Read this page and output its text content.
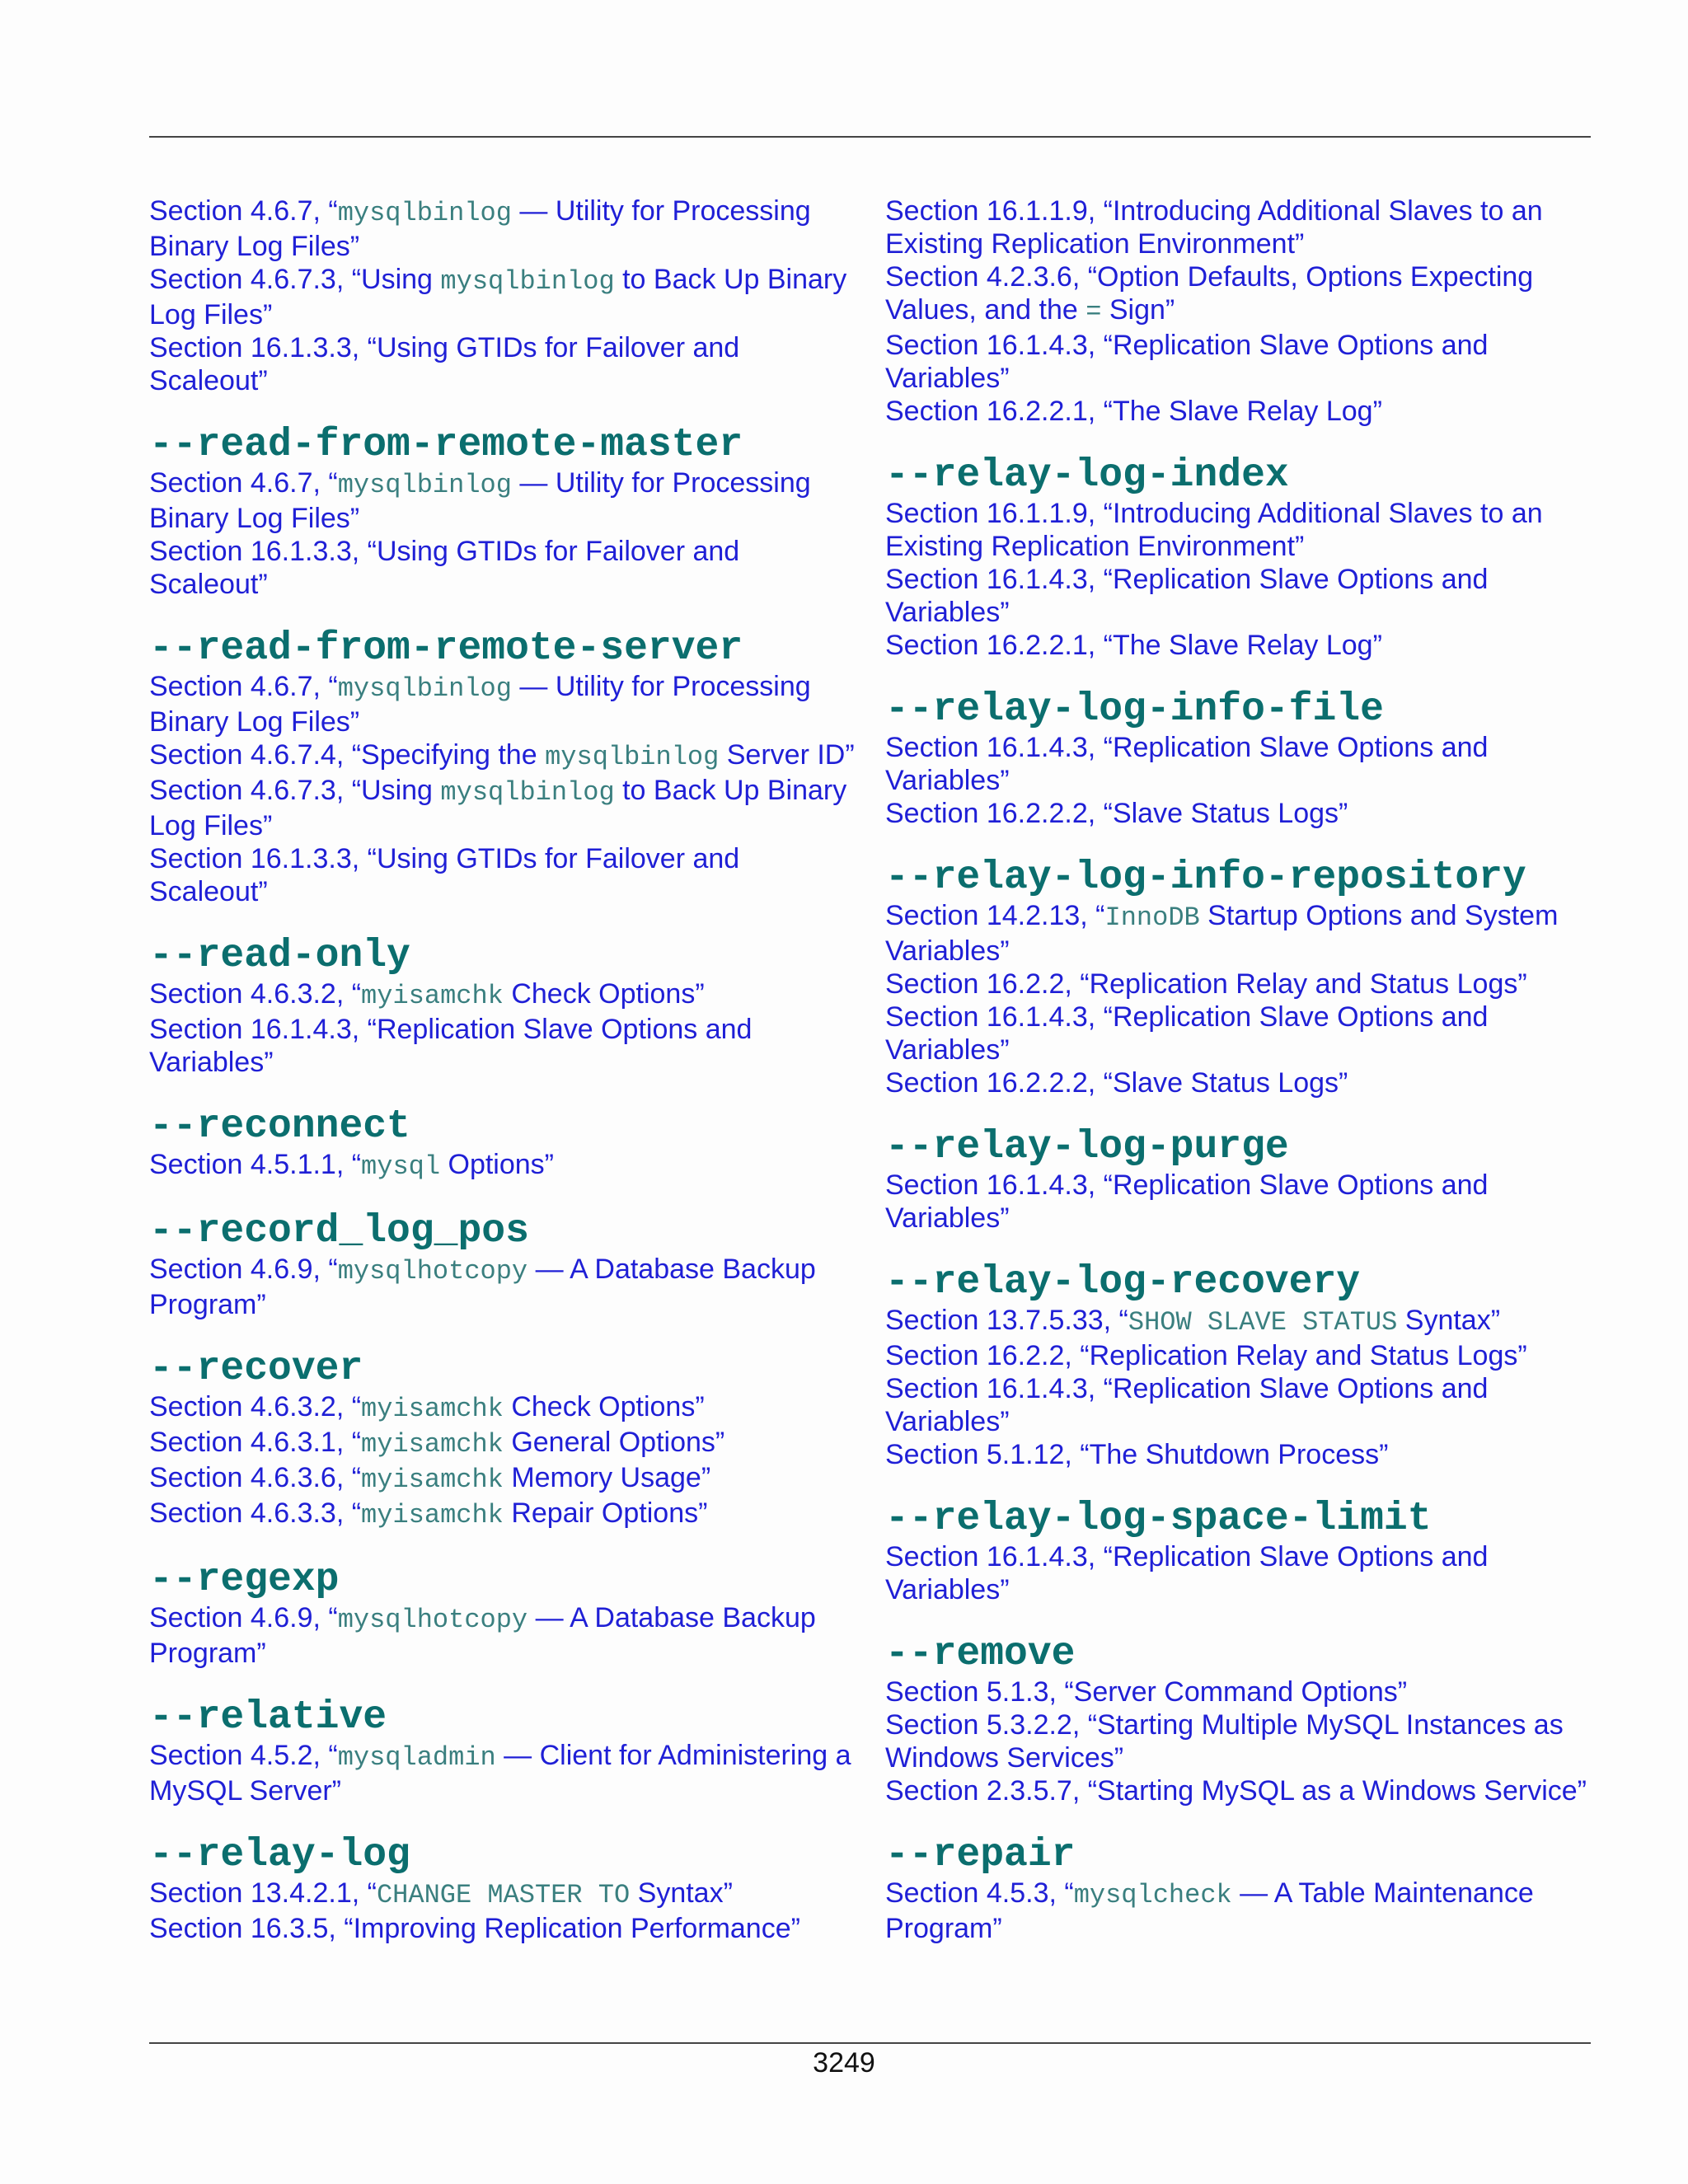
Section 4.6.7, “mysqlbinlog — Utility for Processing Binary Log Files”
Section 4.6.7.3, “Using mysqlbinlog to Back Up Binary Log Files”
Section 16.1.3.3, “Using GTIDs for Failover and Scaleout”
--read-from-remote-master
Section 4.6.7, “mysqlbinlog — Utility for Processing Binary Log Files”
Section 16.1.3.3, “Using GTIDs for Failover and Scaleout”
--read-from-remote-server
Section 4.6.7, “mysqlbinlog — Utility for Processing Binary Log Files”
Section 4.6.7.4, “Specifying the mysqlbinlog Server ID”
Section 4.6.7.3, “Using mysqlbinlog to Back Up Binary Log Files”
Section 16.1.3.3, “Using GTIDs for Failover and Scaleout”
--read-only
Section 4.6.3.2, “myisamchk Check Options”
Section 16.1.4.3, “Replication Slave Options and Variables”
--reconnect
Section 4.5.1.1, “mysql Options”
--record_log_pos
Section 4.6.9, “mysqlhotcopy — A Database Backup Program”
--recover
Section 4.6.3.2, “myisamchk Check Options”
Section 4.6.3.1, “myisamchk General Options”
Section 4.6.3.6, “myisamchk Memory Usage”
Section 4.6.3.3, “myisamchk Repair Options”
--regexp
Section 4.6.9, “mysqlhotcopy — A Database Backup Program”
--relative
Section 4.5.2, “mysqladmin — Client for Administering a MySQL Server”
--relay-log
Section 13.4.2.1, “CHANGE MASTER TO Syntax”
Section 16.3.5, “Improving Replication Performance”
Section 16.1.1.9, “Introducing Additional Slaves to an Existing Replication Environment”
Section 4.2.3.6, “Option Defaults, Options Expecting Values, and the = Sign”
Section 16.1.4.3, “Replication Slave Options and Variables”
Section 16.2.2.1, “The Slave Relay Log”
--relay-log-index
Section 16.1.1.9, “Introducing Additional Slaves to an Existing Replication Environment”
Section 16.1.4.3, “Replication Slave Options and Variables”
Section 16.2.2.1, “The Slave Relay Log”
--relay-log-info-file
Section 16.1.4.3, “Replication Slave Options and Variables”
Section 16.2.2.2, “Slave Status Logs”
--relay-log-info-repository
Section 14.2.13, “InnoDB Startup Options and System Variables”
Section 16.2.2, “Replication Relay and Status Logs”
Section 16.1.4.3, “Replication Slave Options and Variables”
Section 16.2.2.2, “Slave Status Logs”
--relay-log-purge
Section 16.1.4.3, “Replication Slave Options and Variables”
--relay-log-recovery
Section 13.7.5.33, “SHOW SLAVE STATUS Syntax”
Section 16.2.2, “Replication Relay and Status Logs”
Section 16.1.4.3, “Replication Slave Options and Variables”
Section 5.1.12, “The Shutdown Process”
--relay-log-space-limit
Section 16.1.4.3, “Replication Slave Options and Variables”
--remove
Section 5.1.3, “Server Command Options”
Section 5.3.2.2, “Starting Multiple MySQL Instances as Windows Services”
Section 2.3.5.7, “Starting MySQL as a Windows Service”
--repair
Section 4.5.3, “mysqlcheck — A Table Maintenance Program”
3249
